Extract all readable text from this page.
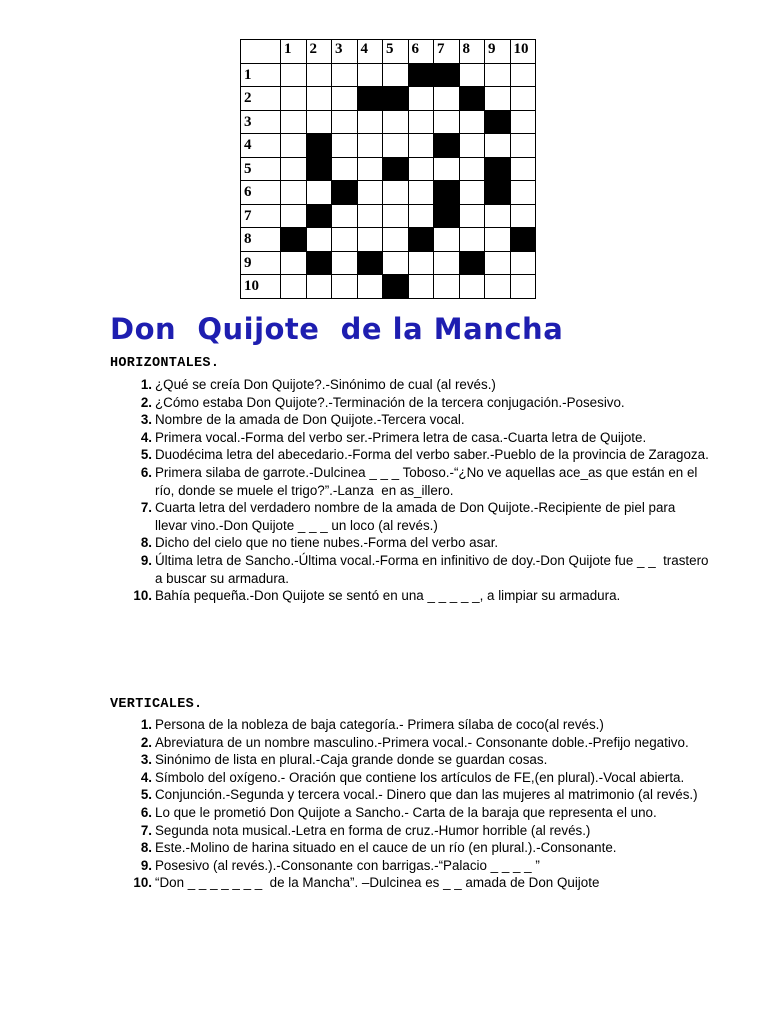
	1	2	3	4	5	6	7	8	9	10
1										
2										
3										
4										
5										
6										
7										
8										
9										
10										
Don  Quijote  de la Mancha
HORIZONTALES.
1. ¿Qué se creía Don Quijote?.-Sinónimo de cual (al revés.)
2. ¿Cómo estaba Don Quijote?.-Terminación de la tercera conjugación.-Posesivo.
3. Nombre de la amada de Don Quijote.-Tercera vocal.
4. Primera vocal.-Forma del verbo ser.-Primera letra de casa.-Cuarta letra de Quijote.
5. Duodécima letra del abecedario.-Forma del verbo saber.-Pueblo de la provincia de Zaragoza.
6. Primera silaba de garrote.-Dulcinea _ _ _ Toboso.-“¿No ve aquellas ace_as que están en el río, donde se muele el trigo?”.-Lanza  en as_illero.
7. Cuarta letra del verdadero nombre de la amada de Don Quijote.-Recipiente de piel para llevar vino.-Don Quijote _ _ _ un loco (al revés.)
8. Dicho del cielo que no tiene nubes.-Forma del verbo asar.
9. Última letra de Sancho.-Última vocal.-Forma en infinitivo de doy.-Don Quijote fue _ _  trastero a buscar su armadura.
10. Bahía pequeña.-Don Quijote se sentó en una _ _ _ _ _, a limpiar su armadura.
VERTICALES.
1. Persona de la nobleza de baja categoría.- Primera sílaba de coco(al revés.)
2. Abreviatura de un nombre masculino.-Primera vocal.- Consonante doble.-Prefijo negativo.
3. Sinónimo de lista en plural.-Caja grande donde se guardan cosas.
4. Símbolo del oxígeno.- Oración que contiene los artículos de FE,(en plural).-Vocal abierta.
5. Conjunción.-Segunda y tercera vocal.- Dinero que dan las mujeres al matrimonio (al revés.)
6. Lo que le prometió Don Quijote a Sancho.- Carta de la baraja que representa el uno.
7. Segunda nota musical.-Letra en forma de cruz.-Humor horrible (al revés.)
8. Este.-Molino de harina situado en el cauce de un río (en plural.).-Consonante.
9. Posesivo (al revés.).-Consonante con barrigas.-“Palacio _ _ _ _ ”
10. “Don _ _ _ _ _ _ _  de la Mancha”. –Dulcinea es _ _ amada de Don Quijote
